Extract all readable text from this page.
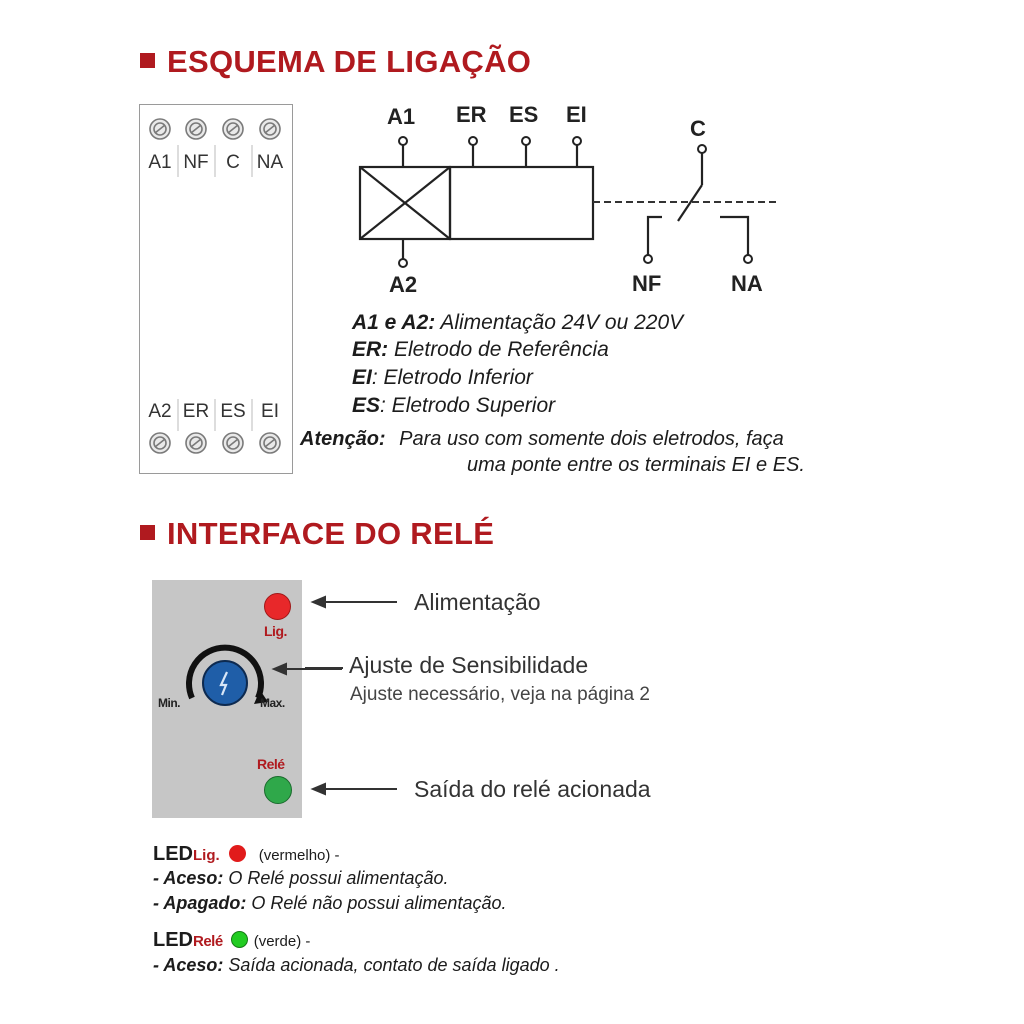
ESQUEMA DE LIGAÇÃO
A1 NF C NA
A2 ER ES EI
A1 ER ES EI
C
A2	NF	NA
A1 e A2: Alimentação 24V ou 220V
ER: Eletrodo de Referência
EI: Eletrodo Inferior
ES: Eletrodo Superior
Atenção: Para uso com somente dois eletrodos, faça
uma ponte entre os terminais EI e ES.
INTERFACE DO RELÉ
Lig.
Min.	Max.
Relé
Alimentação
Ajuste de Sensibilidade
Ajuste necessário, veja na página 2
Saída do relé acionada
LEDLig.	(vermelho) -
- Aceso: O Relé possui alimentação.
- Apagado: O Relé não possui alimentação.
LEDRelé (verde) -
- Aceso: Saída acionada, contato de saída ligado .
